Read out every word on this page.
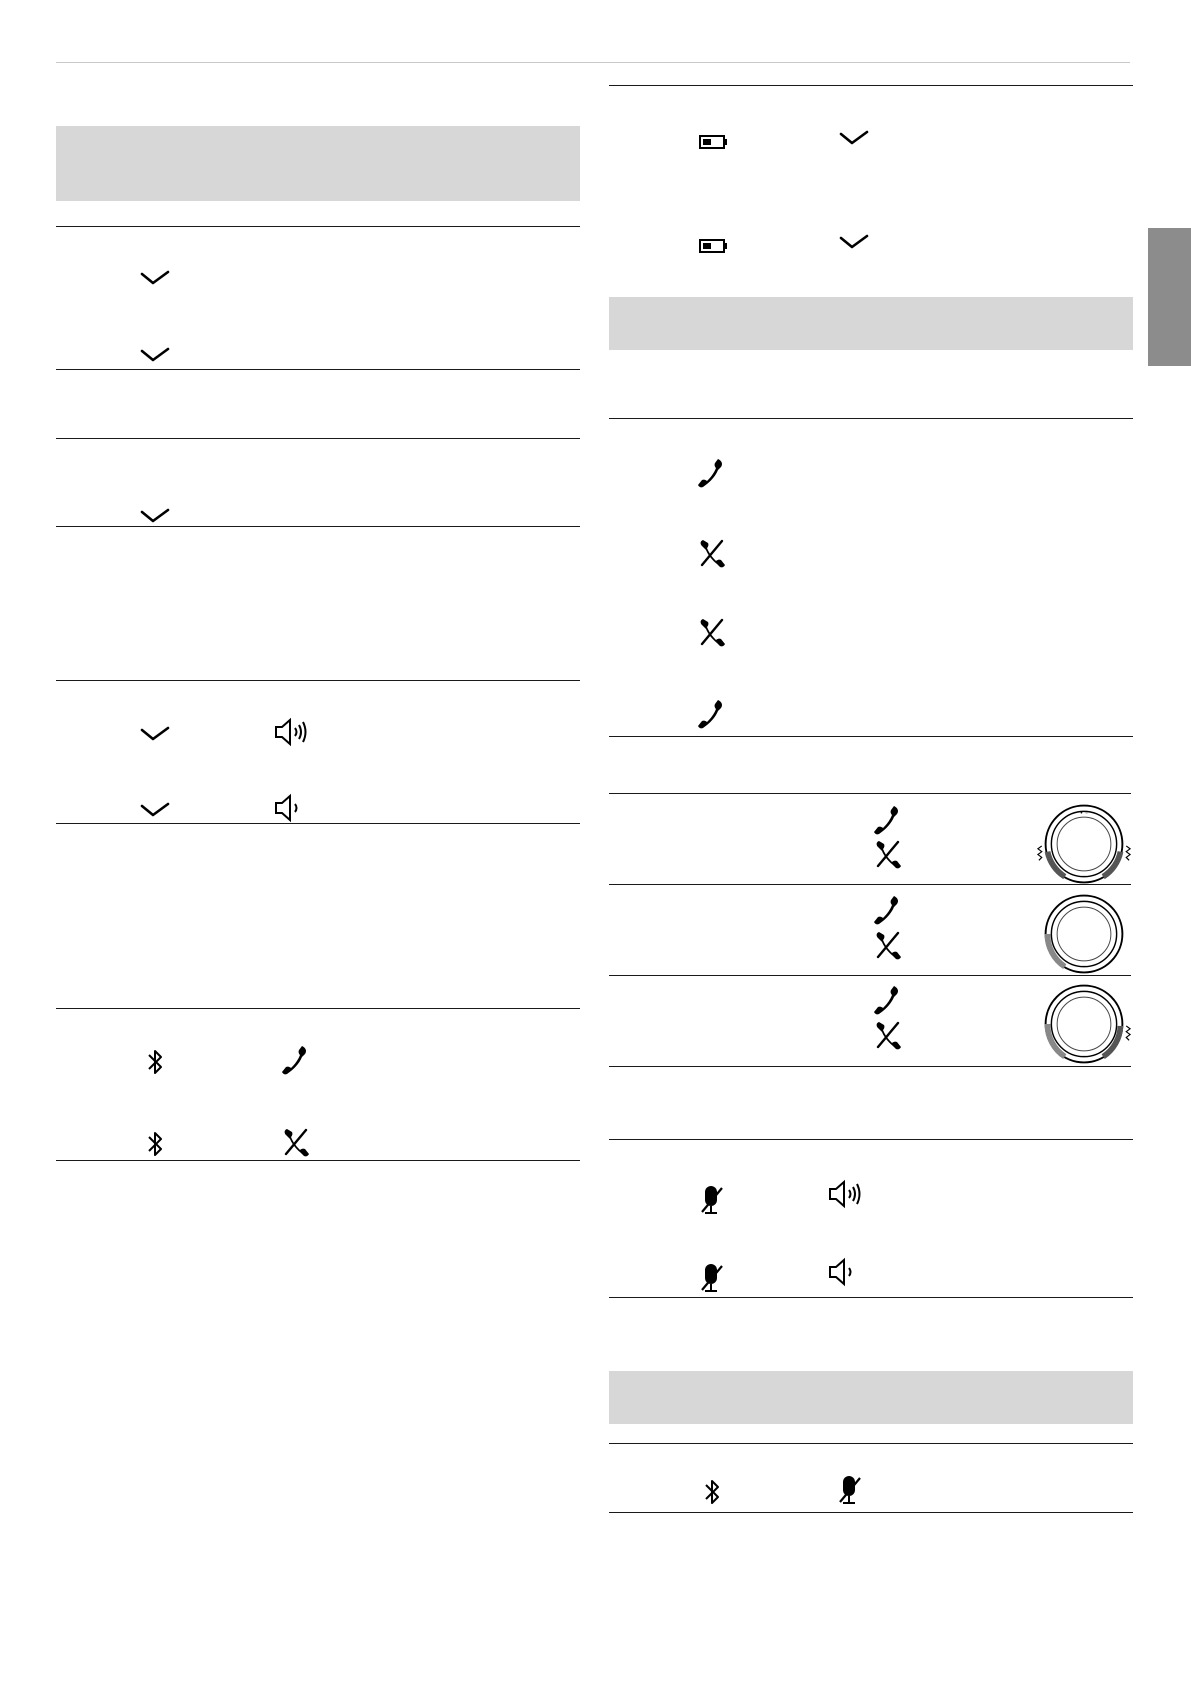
• ◦
